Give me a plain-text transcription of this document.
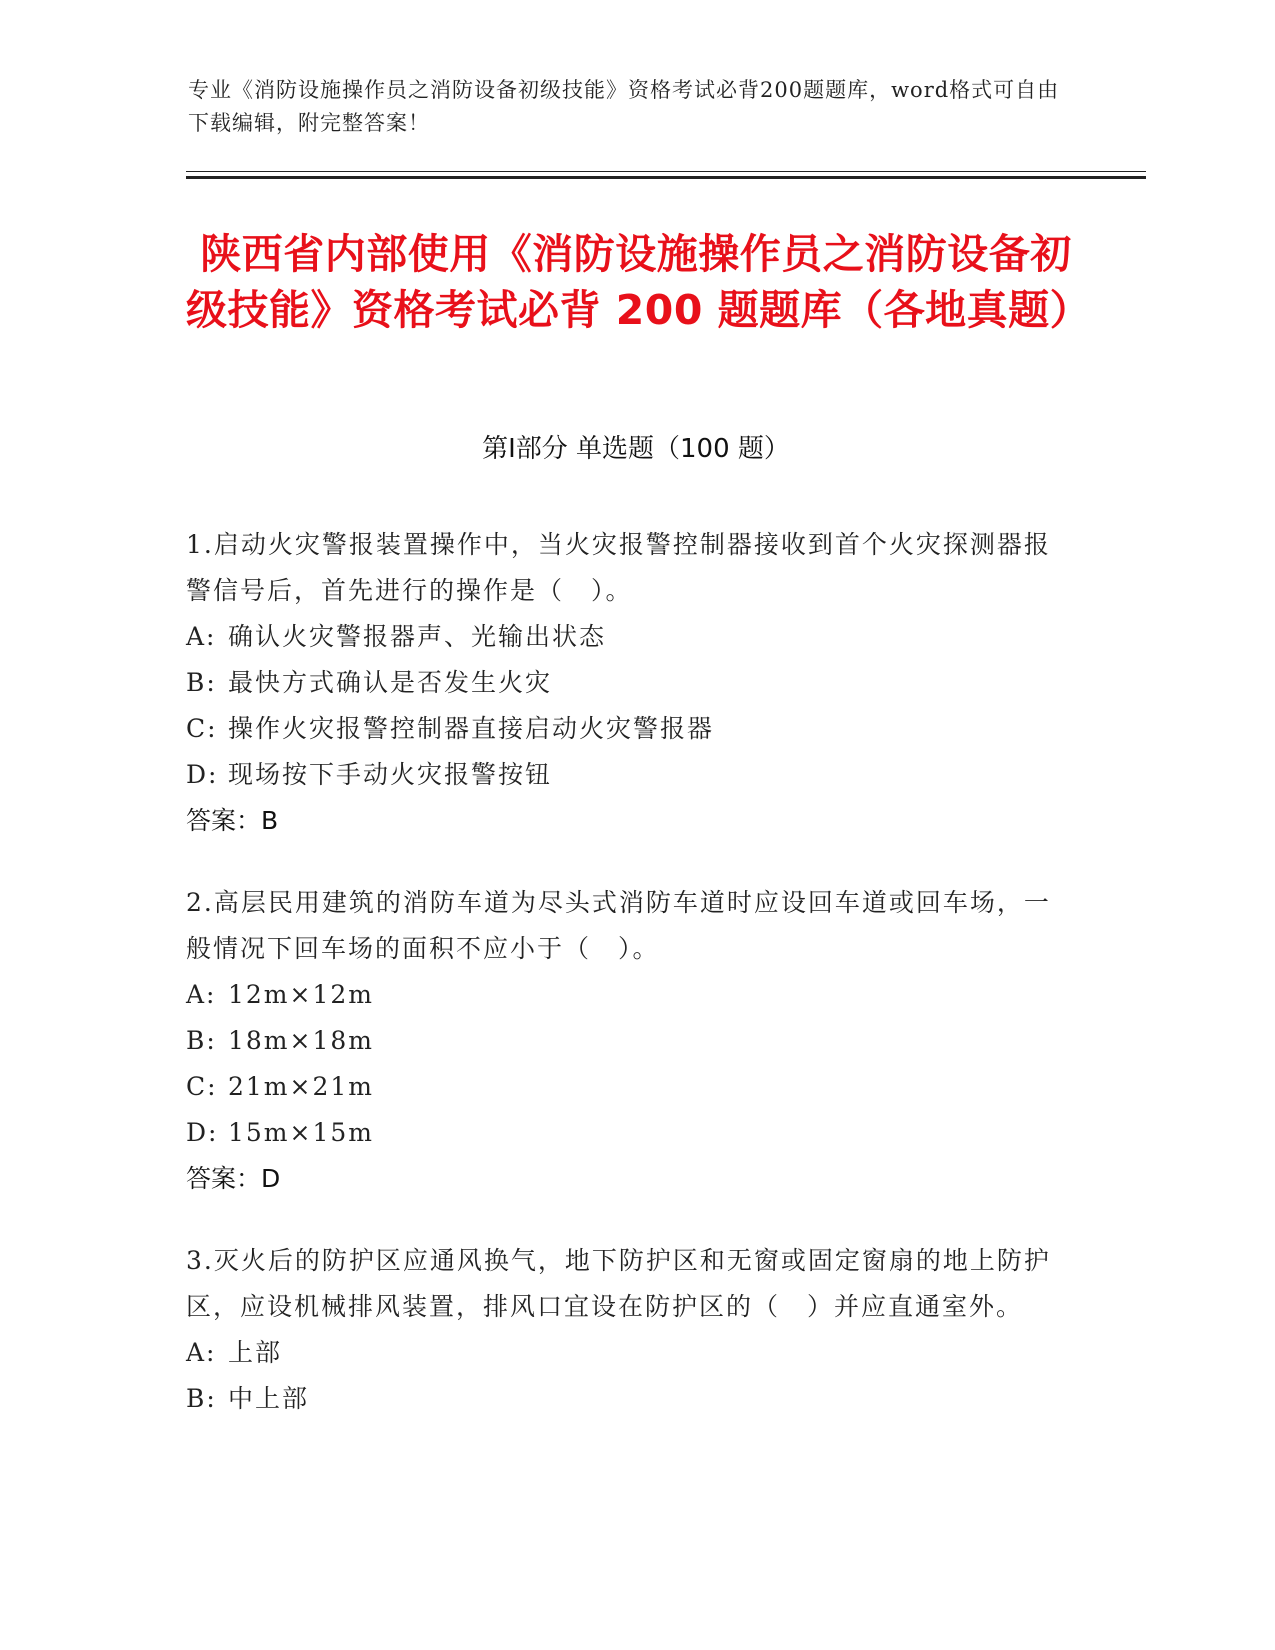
专业《消防设施操作员之消防设备初级技能》资格考试必背200题题库，word格式可自由下载编辑，附完整答案！
陕西省内部使用《消防设施操作员之消防设备初级技能》资格考试必背 200 题题库（各地真题）
第Ⅰ部分 单选题（100 题）
1.启动火灾警报装置操作中，当火灾报警控制器接收到首个火灾探测器报警信号后，首先进行的操作是（　）。
A: 确认火灾警报器声、光输出状态
B: 最快方式确认是否发生火灾
C: 操作火灾报警控制器直接启动火灾警报器
D: 现场按下手动火灾报警按钮
答案：B
2.高层民用建筑的消防车道为尽头式消防车道时应设回车道或回车场，一般情况下回车场的面积不应小于（　）。
A: 12m×12m
B: 18m×18m
C: 21m×21m
D: 15m×15m
答案：D
3.灭火后的防护区应通风换气，地下防护区和无窗或固定窗扇的地上防护区，应设机械排风装置，排风口宜设在防护区的（　）并应直通室外。
A: 上部
B: 中上部
